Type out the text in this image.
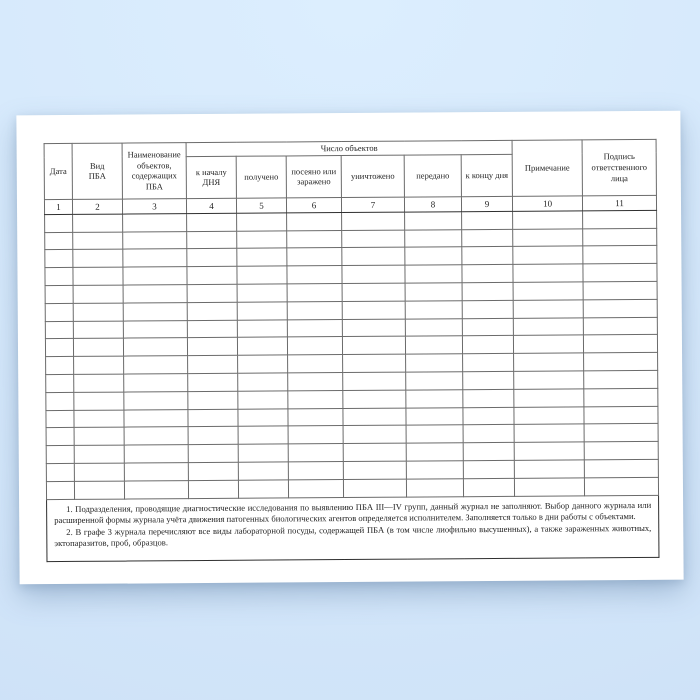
Дата	Вид ПБА	Наименование объектов, содержащих ПБА	Число объектов						Примечание	Подпись ответственного лица
			к началу ДНЯ	получено	посеяно или заражено	уничтожено	передано	к концу дня		
1	2	3	4	5	6	7	8	9	10	11

1. Подразделения, проводящие диагностические исследования по выявлению ПБА III—IV групп, данный журнал не заполняют. Выбор данного журнала или расширенной формы журнала учёта движения патогенных биологических агентов определяется исполнителем. Заполняется только в дни работы с объектами.

2. В графе 3 журнала перечисляют все виды лабораторной посуды, содержащей ПБА (в том числе лиофильно высушенных), а также зараженных животных, эктопаразитов, проб, образцов.										
